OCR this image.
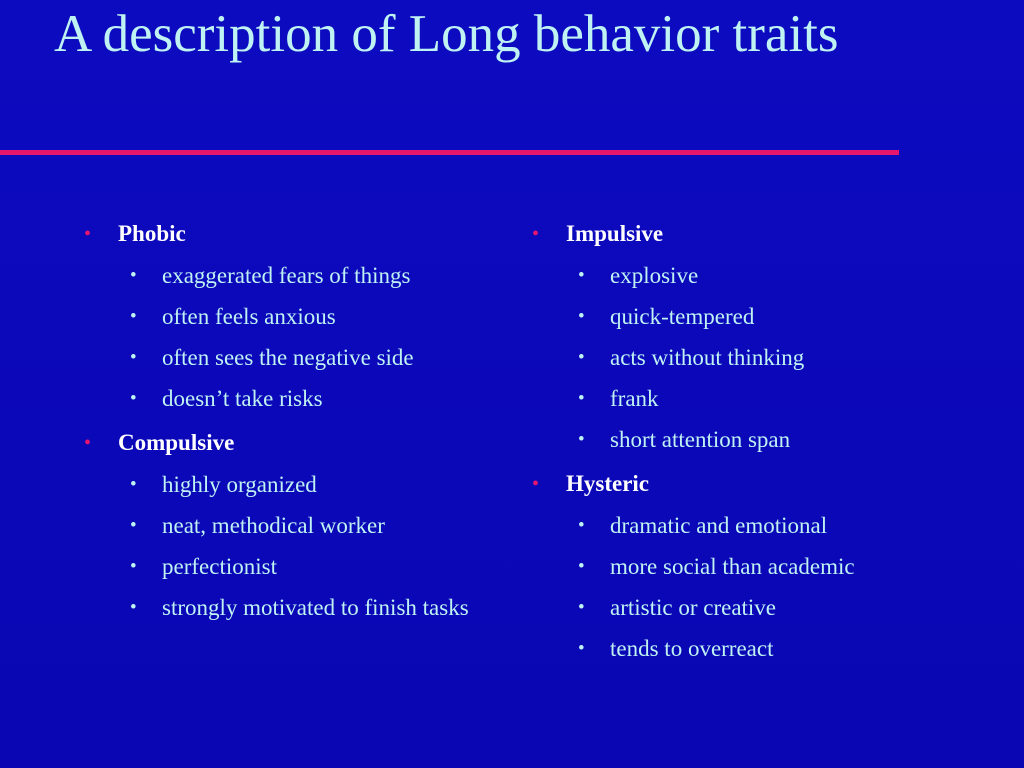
A description of Long behavior traits
• Phobic
• exaggerated fears of things
• often feels anxious
• often sees the negative side
• doesn’t take risks
• Compulsive
• highly organized
• neat, methodical worker
• perfectionist
• strongly motivated to finish tasks
• Impulsive
• explosive
• quick-tempered
• acts without thinking
• frank
• short attention span
• Hysteric
• dramatic and emotional
• more social than academic
• artistic or creative
• tends to overreact
